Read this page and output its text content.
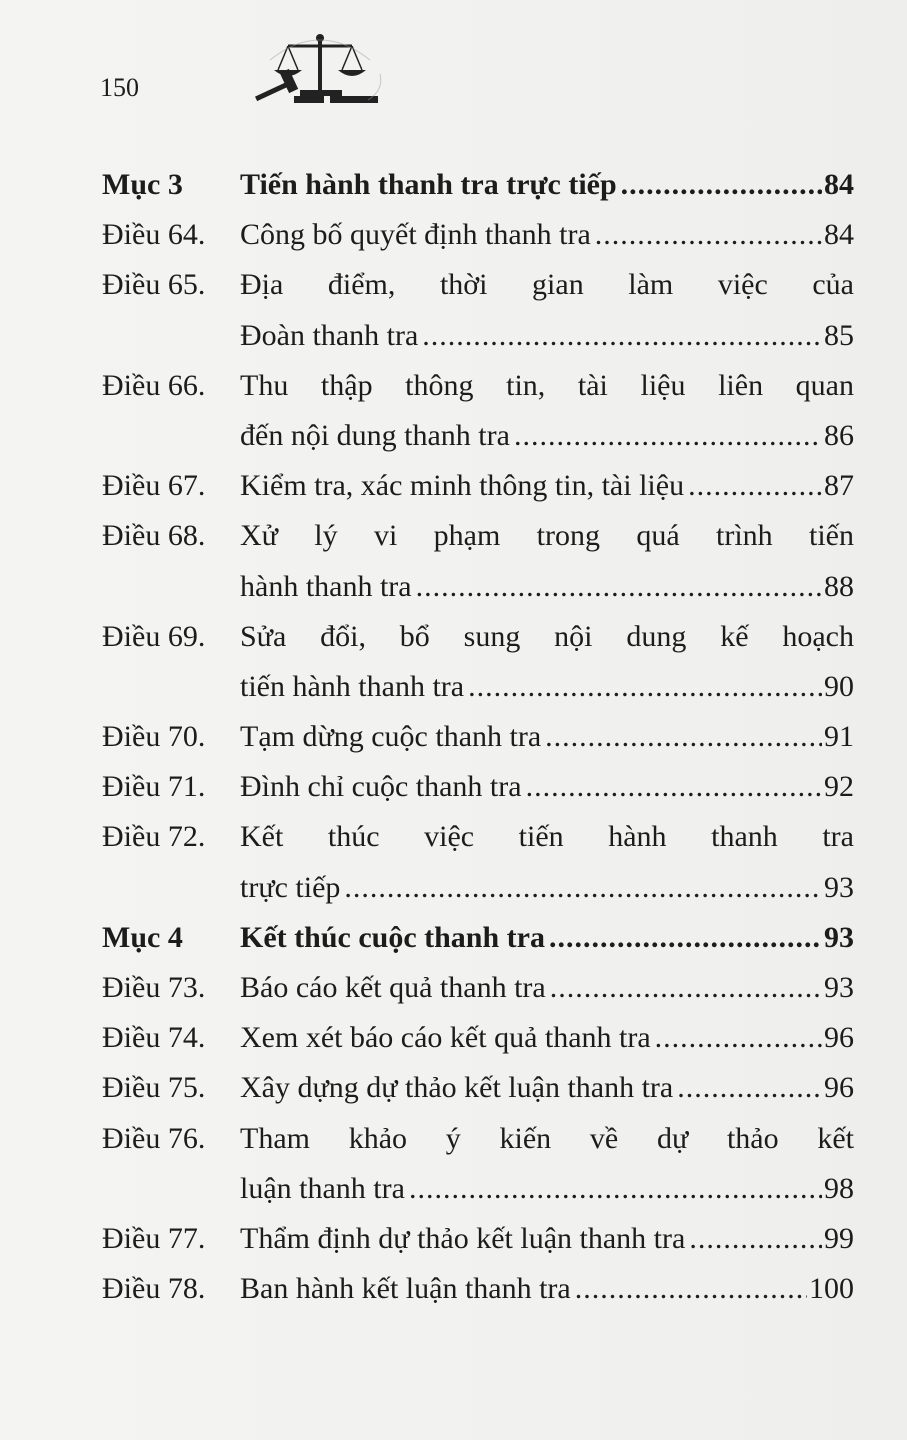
150
Mục 3 Tiến hành thanh tra trực tiếp .....	84
Điều 64. Công bố quyết định thanh tra .....	84
Điều 65. Địa điểm, thời gian làm việc của
Đoàn thanh tra .....	85
Điều 66. Thu thập thông tin, tài liệu liên quan
đến nội dung thanh tra .....	86
Điều 67. Kiểm tra, xác minh thông tin, tài liệu .....	87
Điều 68. Xử lý vi phạm trong quá trình tiến
hành thanh tra .....	88
Điều 69. Sửa đổi, bổ sung nội dung kế hoạch
tiến hành thanh tra .....	90
Điều 70. Tạm dừng cuộc thanh tra .....	91
Điều 71. Đình chỉ cuộc thanh tra .....	92
Điều 72. Kết thúc việc tiến hành thanh tra
trực tiếp .....	93
Mục 4 Kết thúc cuộc thanh tra .....	93
Điều 73. Báo cáo kết quả thanh tra .....	93
Điều 74. Xem xét báo cáo kết quả thanh tra .....	96
Điều 75. Xây dựng dự thảo kết luận thanh tra .....	96
Điều 76. Tham khảo ý kiến về dự thảo kết
luận thanh tra .....	98
Điều 77. Thẩm định dự thảo kết luận thanh tra .....	99
Điều 78. Ban hành kết luận thanh tra .....	100
